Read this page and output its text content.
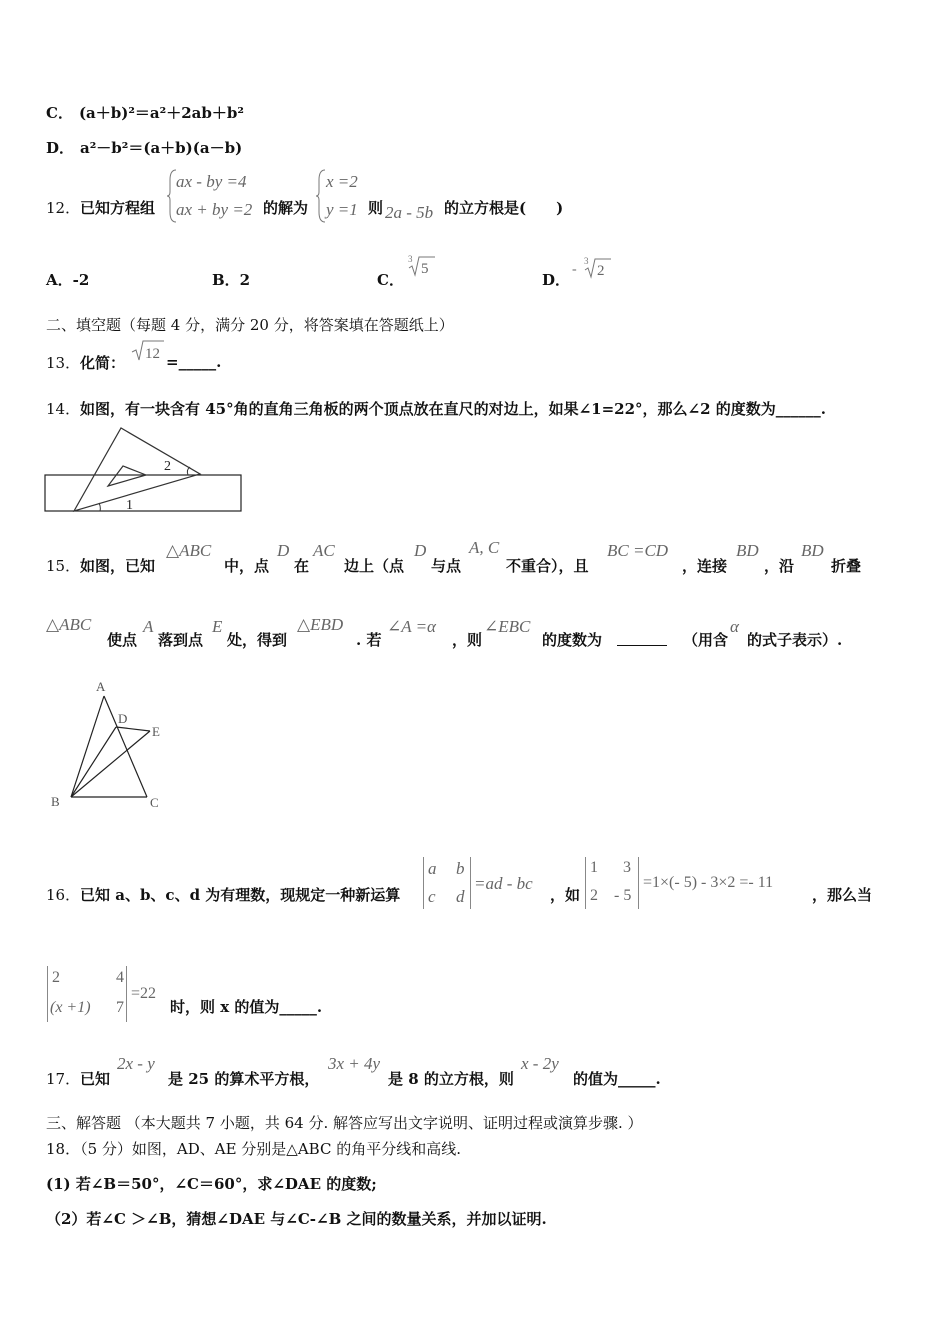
C． (a＋b)²＝a²＋2ab＋b²
D． a²－b²＝(a＋b)(a－b)
12． 已知方程组
ax - by =4
ax + by =2 的解为
x =2
y =1 则 2a - 5b 的立方根是(　　)
A．-2	B．2	C．
3
5
D．
-
3
2
二、填空题（每题 4 分，满分 20 分，将答案填在答题纸上）
13． 化简： 12 =_____.
14． 如图，有一块含有 45°角的直角三角板的两个顶点放在直尺的对边上，如果∠1=22°，那么∠2 的度数为______.
2
1
15． 如图，已知
△ABC
中，点
D
在
AC
边上（点
D
与点
A, C
不重合），且
BC =CD
，连接
BD
，沿
BD
折叠
△ABC
使点
A
落到点
E
处，得到
△EBD
. 若
∠A =α
，则
∠EBC
的度数为	（用含
α
的式子表示）.
A
D
E
B	C
16． 已知 a、b、c、d 为有理数，现规定一种新运算
a b
c d
=ad - bc
，如
1 3
2 - 5
=1×(- 5) - 3×2 =- 11
，那么当
2	4
(x +1) 7
=22
时，则 x 的值为_____.
17． 已知
2x - y
是 25 的算术平方根，
3x + 4y
是 8 的立方根，则
x - 2y
的值为_____.
三、解答题 （本大题共 7 小题，共 64 分. 解答应写出文字说明、证明过程或演算步骤. ）
18．（5 分）如图，AD、AE 分别是△ABC 的角平分线和高线.
(1) 若∠B＝50°，∠C＝60°，求∠DAE 的度数;
（2）若∠C ＞∠B，猜想∠DAE 与∠C-∠B 之间的数量关系，并加以证明.
